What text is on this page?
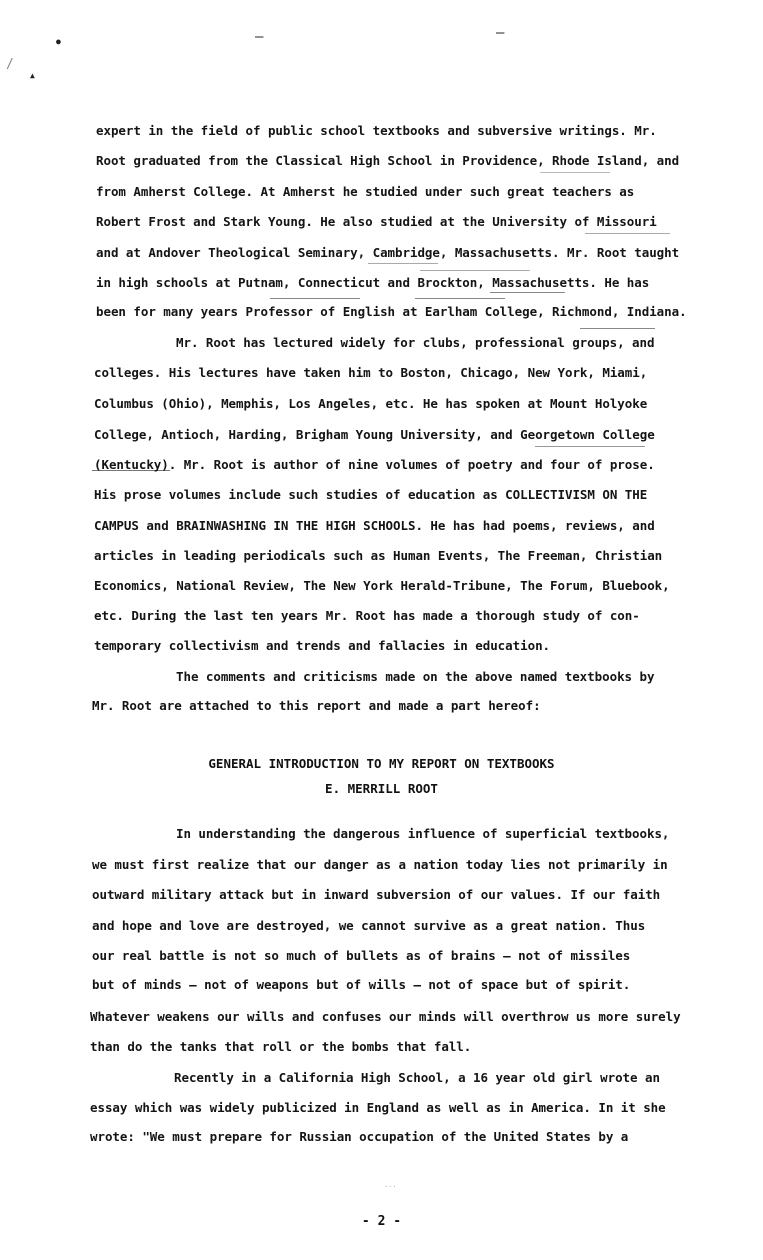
—	—
●
/
▲
expert in the field of public school textbooks and subversive writings. Mr.
Root graduated from the Classical High School in Providence, Rhode Island, and
from Amherst College. At Amherst he studied under such great teachers as
Robert Frost and Stark Young. He also studied at the University of Missouri
and at Andover Theological Seminary, Cambridge, Massachusetts. Mr. Root taught
in high schools at Putnam, Connecticut and Brockton, Massachusetts. He has
been for many years Professor of English at Earlham College, Richmond, Indiana.
Mr. Root has lectured widely for clubs, professional groups, and
colleges. His lectures have taken him to Boston, Chicago, New York, Miami,
Columbus (Ohio), Memphis, Los Angeles, etc. He has spoken at Mount Holyoke
College, Antioch, Harding, Brigham Young University, and Georgetown College
(Kentucky). Mr. Root is author of nine volumes of poetry and four of prose.
His prose volumes include such studies of education as COLLECTIVISM ON THE
CAMPUS and BRAINWASHING IN THE HIGH SCHOOLS. He has had poems, reviews, and
articles in leading periodicals such as Human Events, The Freeman, Christian
Economics, National Review, The New York Herald-Tribune, The Forum, Bluebook,
etc. During the last ten years Mr. Root has made a thorough study of con-
temporary collectivism and trends and fallacies in education.
The comments and criticisms made on the above named textbooks by
Mr. Root are attached to this report and made a part hereof:
GENERAL INTRODUCTION TO MY REPORT ON TEXTBOOKS
E. MERRILL ROOT
In understanding the dangerous influence of superficial textbooks,
we must first realize that our danger as a nation today lies not primarily in
outward military attack but in inward subversion of our values. If our faith
and hope and love are destroyed, we cannot survive as a great nation. Thus
our real battle is not so much of bullets as of brains — not of missiles
but of minds — not of weapons but of wills — not of space but of spirit.
Whatever weakens our wills and confuses our minds will overthrow us more surely
than do the tanks that roll or the bombs that fall.
Recently in a California High School, a 16 year old girl wrote an
essay which was widely publicized in England as well as in America. In it she
wrote: "We must prepare for Russian occupation of the United States by a
···
- 2 -
